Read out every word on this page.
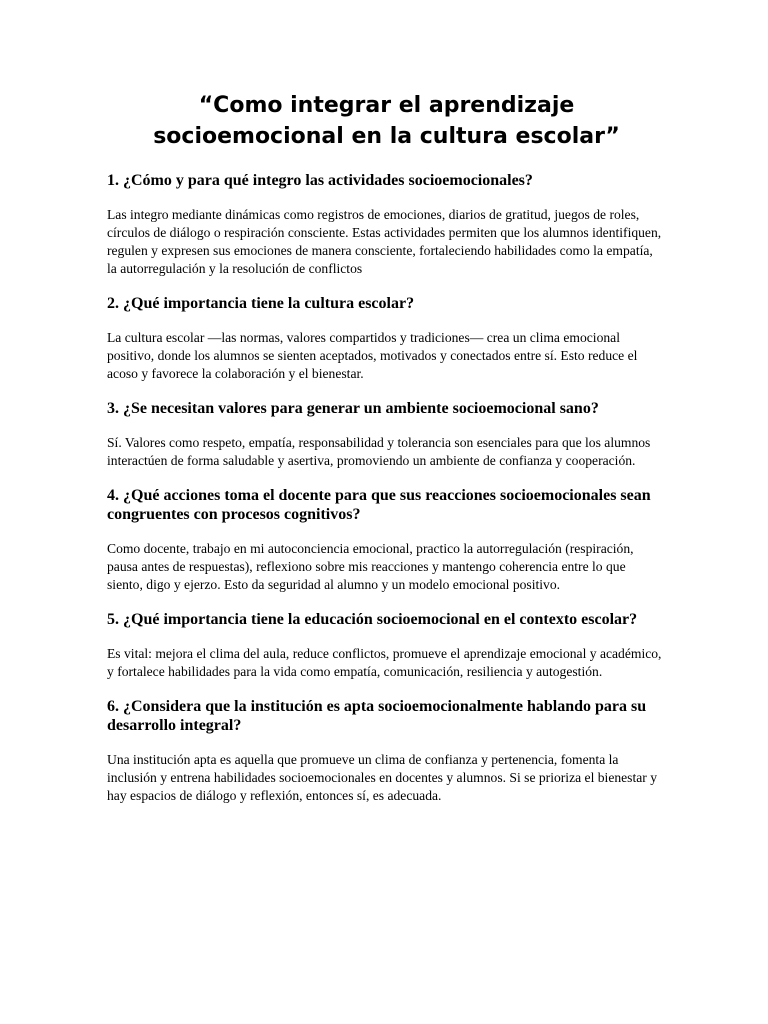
“Como integrar el aprendizaje socioemocional en la cultura escolar”

1. ¿Cómo y para qué integro las actividades socioemocionales?

Las integro mediante dinámicas como registros de emociones, diarios de gratitud, juegos de roles, círculos de diálogo o respiración consciente. Estas actividades permiten que los alumnos identifiquen, regulen y expresen sus emociones de manera consciente, fortaleciendo habilidades como la empatía, la autorregulación y la resolución de conflictos

2. ¿Qué importancia tiene la cultura escolar?

La cultura escolar —las normas, valores compartidos y tradiciones— crea un clima emocional positivo, donde los alumnos se sienten aceptados, motivados y conectados entre sí. Esto reduce el acoso y favorece la colaboración y el bienestar.

3. ¿Se necesitan valores para generar un ambiente socioemocional sano?

Sí. Valores como respeto, empatía, responsabilidad y tolerancia son esenciales para que los alumnos interactúen de forma saludable y asertiva, promoviendo un ambiente de confianza y cooperación.

4. ¿Qué acciones toma el docente para que sus reacciones socioemocionales sean congruentes con procesos cognitivos?

Como docente, trabajo en mi autoconciencia emocional, practico la autorregulación (respiración, pausa antes de respuestas), reflexiono sobre mis reacciones y mantengo coherencia entre lo que siento, digo y ejerzo. Esto da seguridad al alumno y un modelo emocional positivo.

5. ¿Qué importancia tiene la educación socioemocional en el contexto escolar?

Es vital: mejora el clima del aula, reduce conflictos, promueve el aprendizaje emocional y académico, y fortalece habilidades para la vida como empatía, comunicación, resiliencia y autogestión.

6. ¿Considera que la institución es apta socioemocionalmente hablando para su desarrollo integral?

Una institución apta es aquella que promueve un clima de confianza y pertenencia, fomenta la inclusión y entrena habilidades socioemocionales en docentes y alumnos. Si se prioriza el bienestar y hay espacios de diálogo y reflexión, entonces sí, es adecuada.
